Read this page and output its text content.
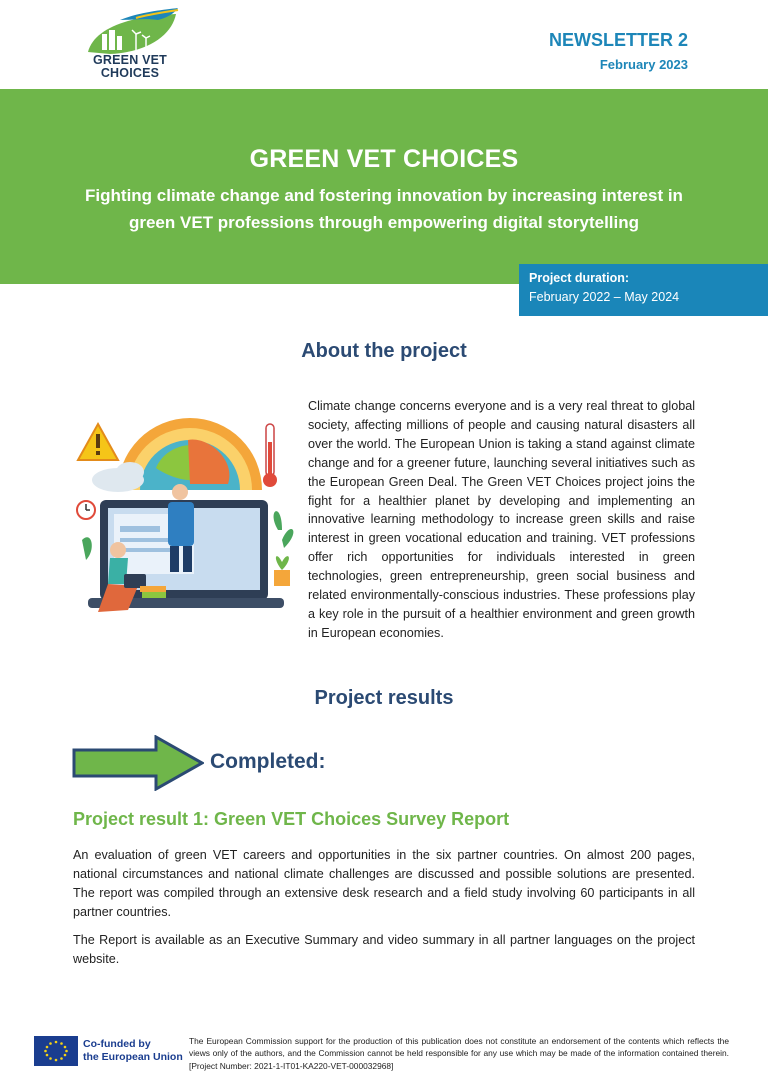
GREEN VET
CHOICES
NEWSLETTER 2
February 2023
GREEN VET CHOICES
Fighting climate change and fostering innovation by increasing interest in green VET professions through empowering digital storytelling
Project duration:
February 2022 – May 2024
About the project
Climate change concerns everyone and is a very real threat to global society, affecting millions of people and causing natural disasters all over the world. The European Union is taking a stand against climate change and for a greener future, launching several initiatives such as the European Green Deal. The Green VET Choices project joins the fight for a healthier planet by developing and implementing an innovative learning methodology to increase green skills and raise interest in green vocational education and training. VET professions offer rich opportunities for individuals interested in green technologies, green entrepreneurship, green social business and related environmentally-conscious industries. These professions play a key role in the pursuit of a healthier environment and green growth in European economies.
Project results
Completed:
Project result 1: Green VET Choices Survey Report
An evaluation of green VET careers and opportunities in the six partner countries. On almost 200 pages, national circumstances and national climate challenges are discussed and possible solutions are presented. The report was compiled through an extensive desk research and a field study involving 60 participants in all partner countries.
The Report is available as an Executive Summary and video summary in all partner languages on the project website.
Co-funded by
the European Union
The European Commission support for the production of this publication does not constitute an endorsement of the contents which reflects the views only of the authors, and the Commission cannot be held responsible for any use which may be made of the information contained therein. [Project Number: 2021-1-IT01-KA220-VET-000032968]
